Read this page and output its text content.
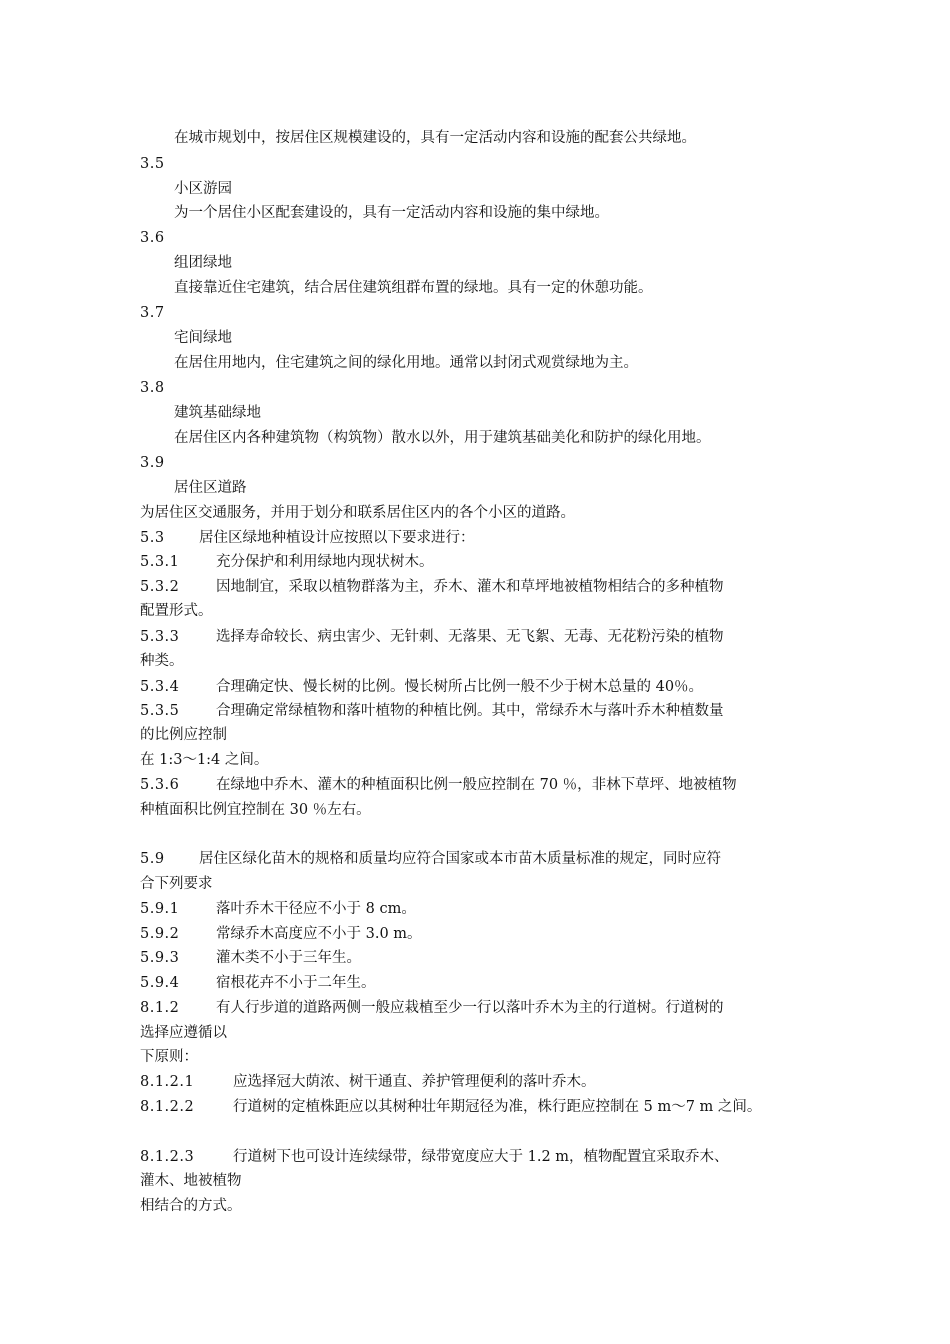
在城市规划中，按居住区规模建设的，具有一定活动内容和设施的配套公共绿地。
3.5
小区游园
为一个居住小区配套建设的，具有一定活动内容和设施的集中绿地。
3.6
组团绿地
直接靠近住宅建筑，结合居住建筑组群布置的绿地。具有一定的休憩功能。
3.7
宅间绿地
在居住用地内，住宅建筑之间的绿化用地。通常以封闭式观赏绿地为主。
3.8
建筑基础绿地
在居住区内各种建筑物（构筑物）散水以外，用于建筑基础美化和防护的绿化用地。
3.9
居住区道路
为居住区交通服务，并用于划分和联系居住区内的各个小区的道路。
5.3 居住区绿地种植设计应按照以下要求进行：
5.3.1	充分保护和利用绿地内现状树木。
5.3.2	因地制宜，采取以植物群落为主，乔木、灌木和草坪地被植物相结合的多种植物
配置形式。
5.3.3	选择寿命较长、病虫害少、无针刺、无落果、无飞絮、无毒、无花粉污染的植物
种类。
5.3.4	合理确定快、慢长树的比例。慢长树所占比例一般不少于树木总量的 40％。
5.3.5	合理确定常绿植物和落叶植物的种植比例。其中，常绿乔木与落叶乔木种植数量
的比例应控制
在 1:3～1:4 之间。
5.3.6	在绿地中乔木、灌木的种植面积比例一般应控制在 70 ％，非林下草坪、地被植物
种植面积比例宜控制在 30 ％左右。
5.9 居住区绿化苗木的规格和质量均应符合国家或本市苗木质量标准的规定，同时应符
合下列要求
5.9.1	落叶乔木干径应不小于 8 cm。
5.9.2	常绿乔木高度应不小于 3.0 m。
5.9.3	灌木类不小于三年生。
5.9.4	宿根花卉不小于二年生。
8.1.2	有人行步道的道路两侧一般应栽植至少一行以落叶乔木为主的行道树。行道树的
选择应遵循以
下原则：
8.1.2.1	应选择冠大荫浓、树干通直、养护管理便利的落叶乔木。
8.1.2.2	行道树的定植株距应以其树种壮年期冠径为准，株行距应控制在 5 m～7 m 之间。
8.1.2.3	行道树下也可设计连续绿带，绿带宽度应大于 1.2 m，植物配置宜采取乔木、
灌木、地被植物
相结合的方式。
